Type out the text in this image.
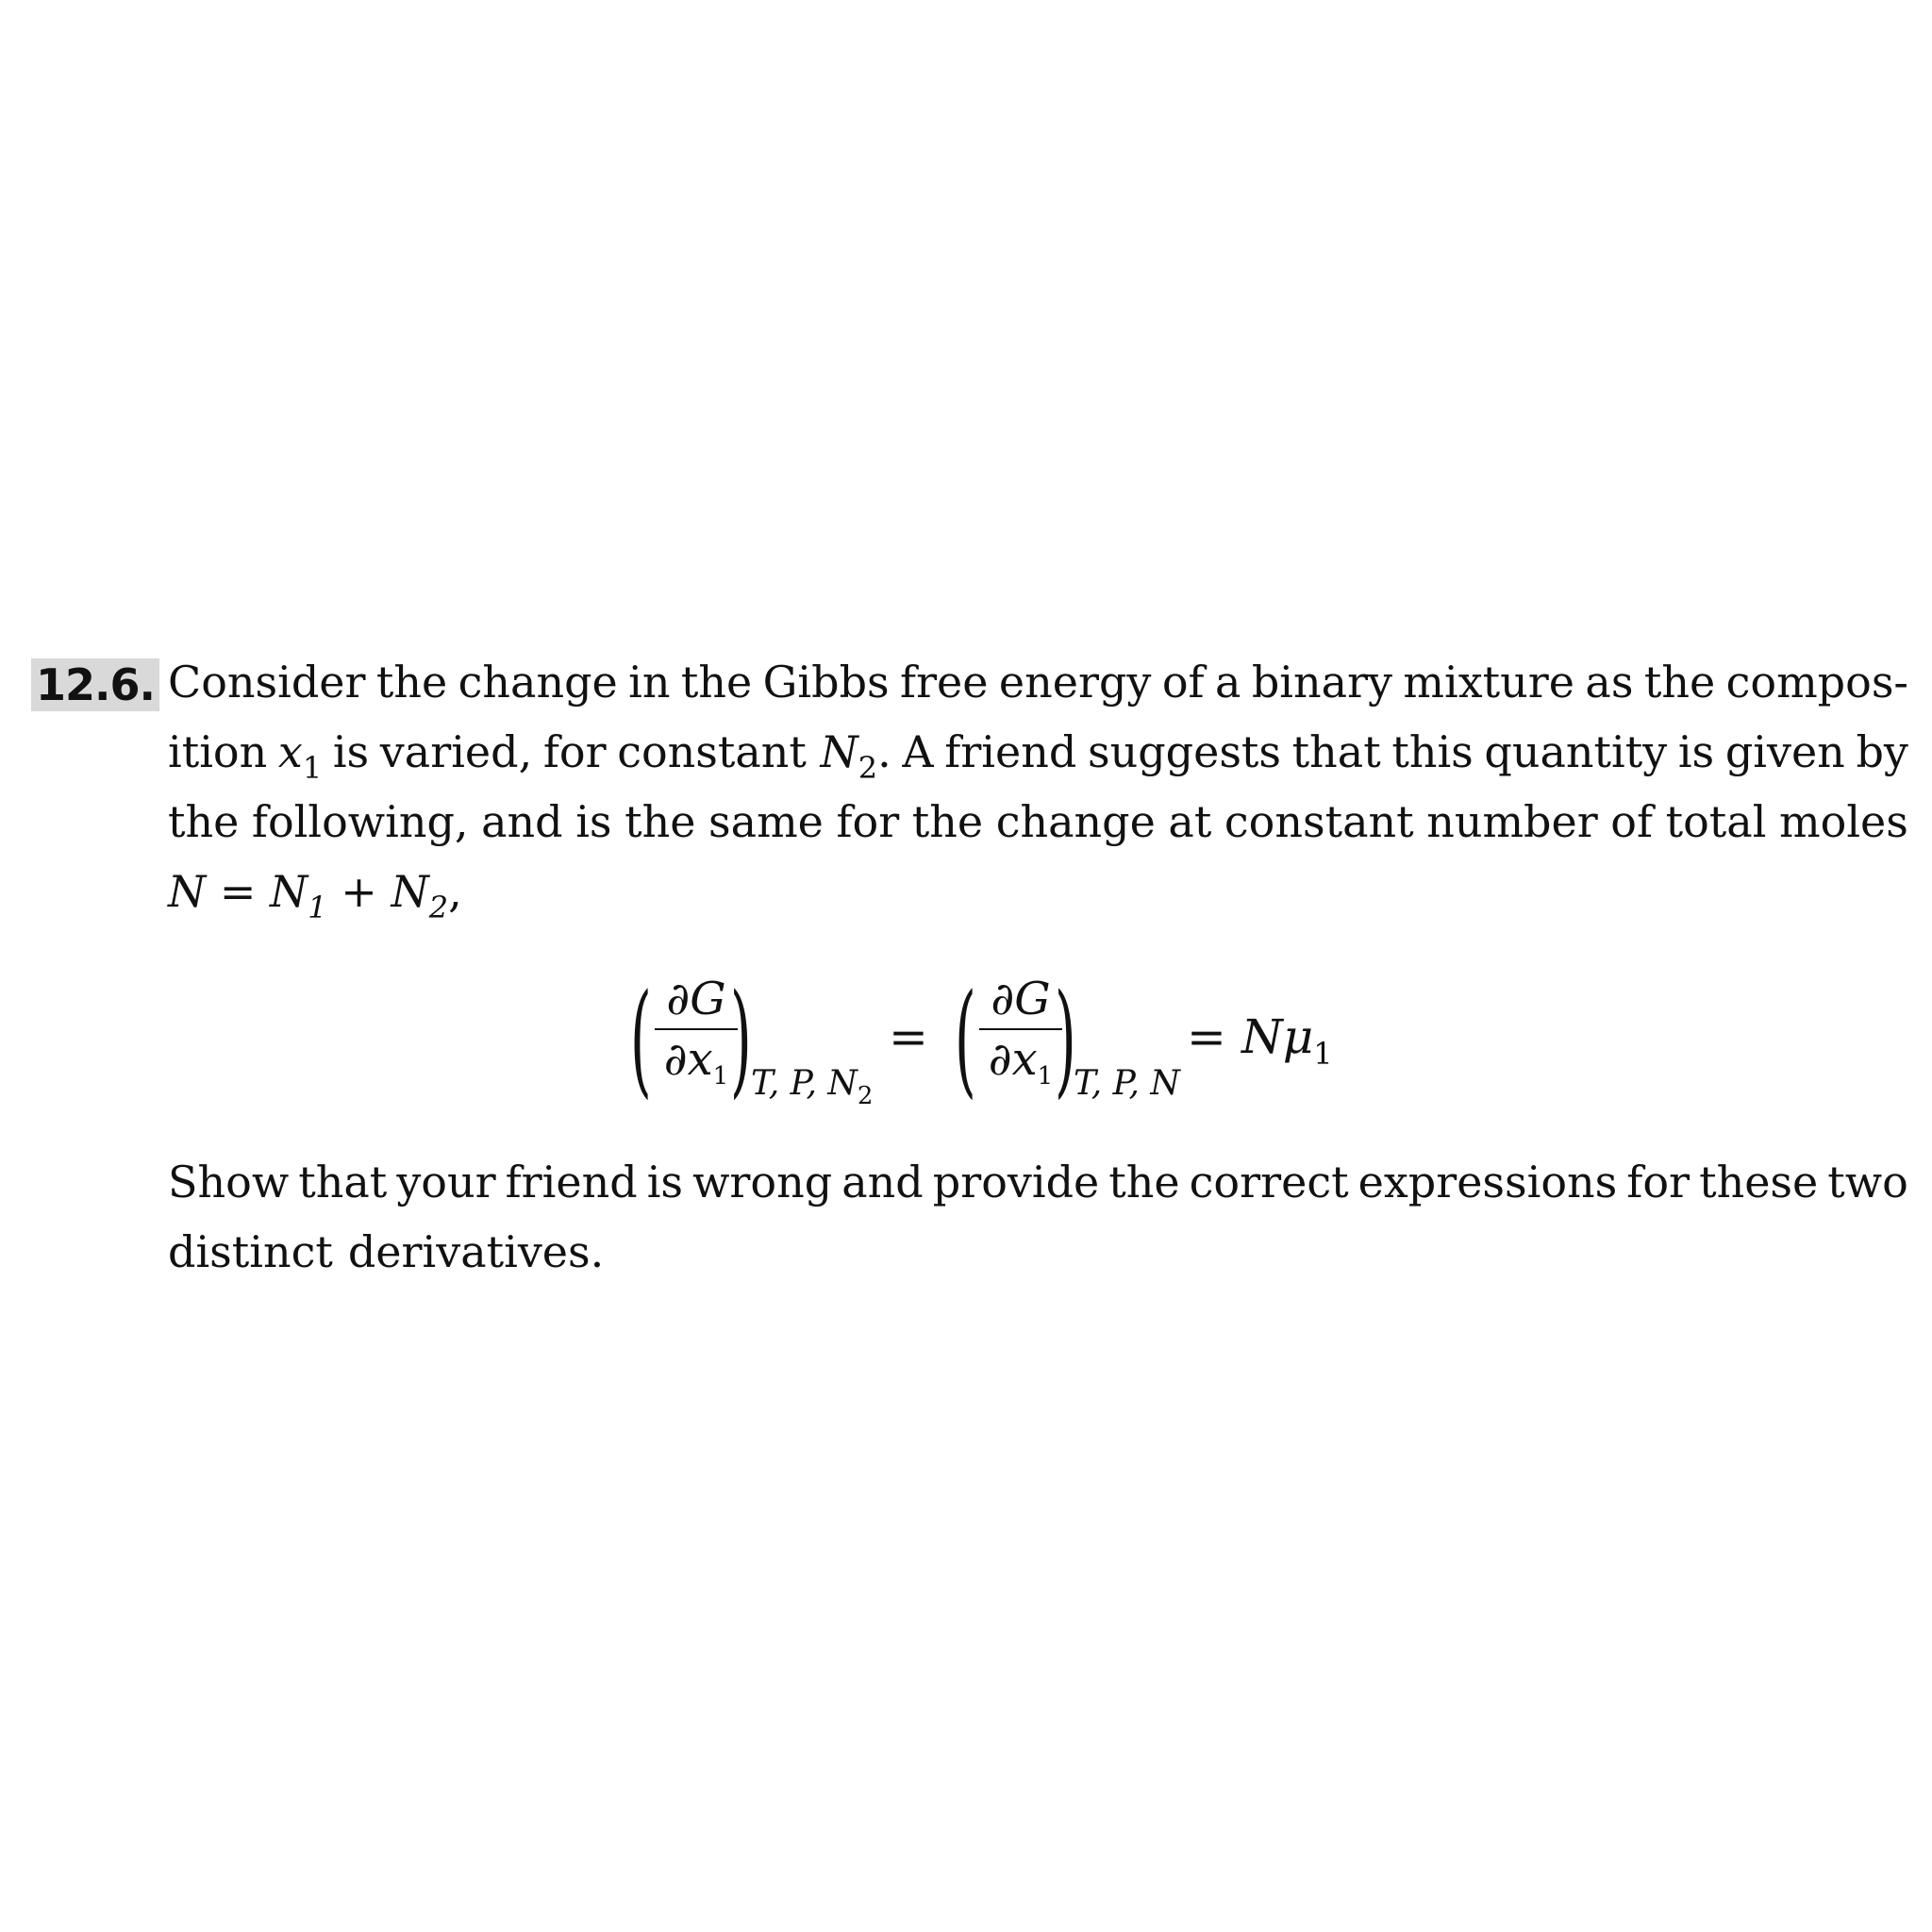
12.6. Consider the change in the Gibbs free energy of a binary mixture as the compos-
ition $x_1$ is varied, for constant $N_2$. A friend suggests that this quantity is given by
the following, and is the same for the change at constant number of total moles
$N = N_1 + N_2$,
( ∂G
$\partial x_1$ ) T, P, $N_2$
= ( ∂G
$\partial x_1$ )
T, P, N
= $N\mu_1$
Show that your friend is wrong and provide the correct expressions for these two
distinct derivatives.
